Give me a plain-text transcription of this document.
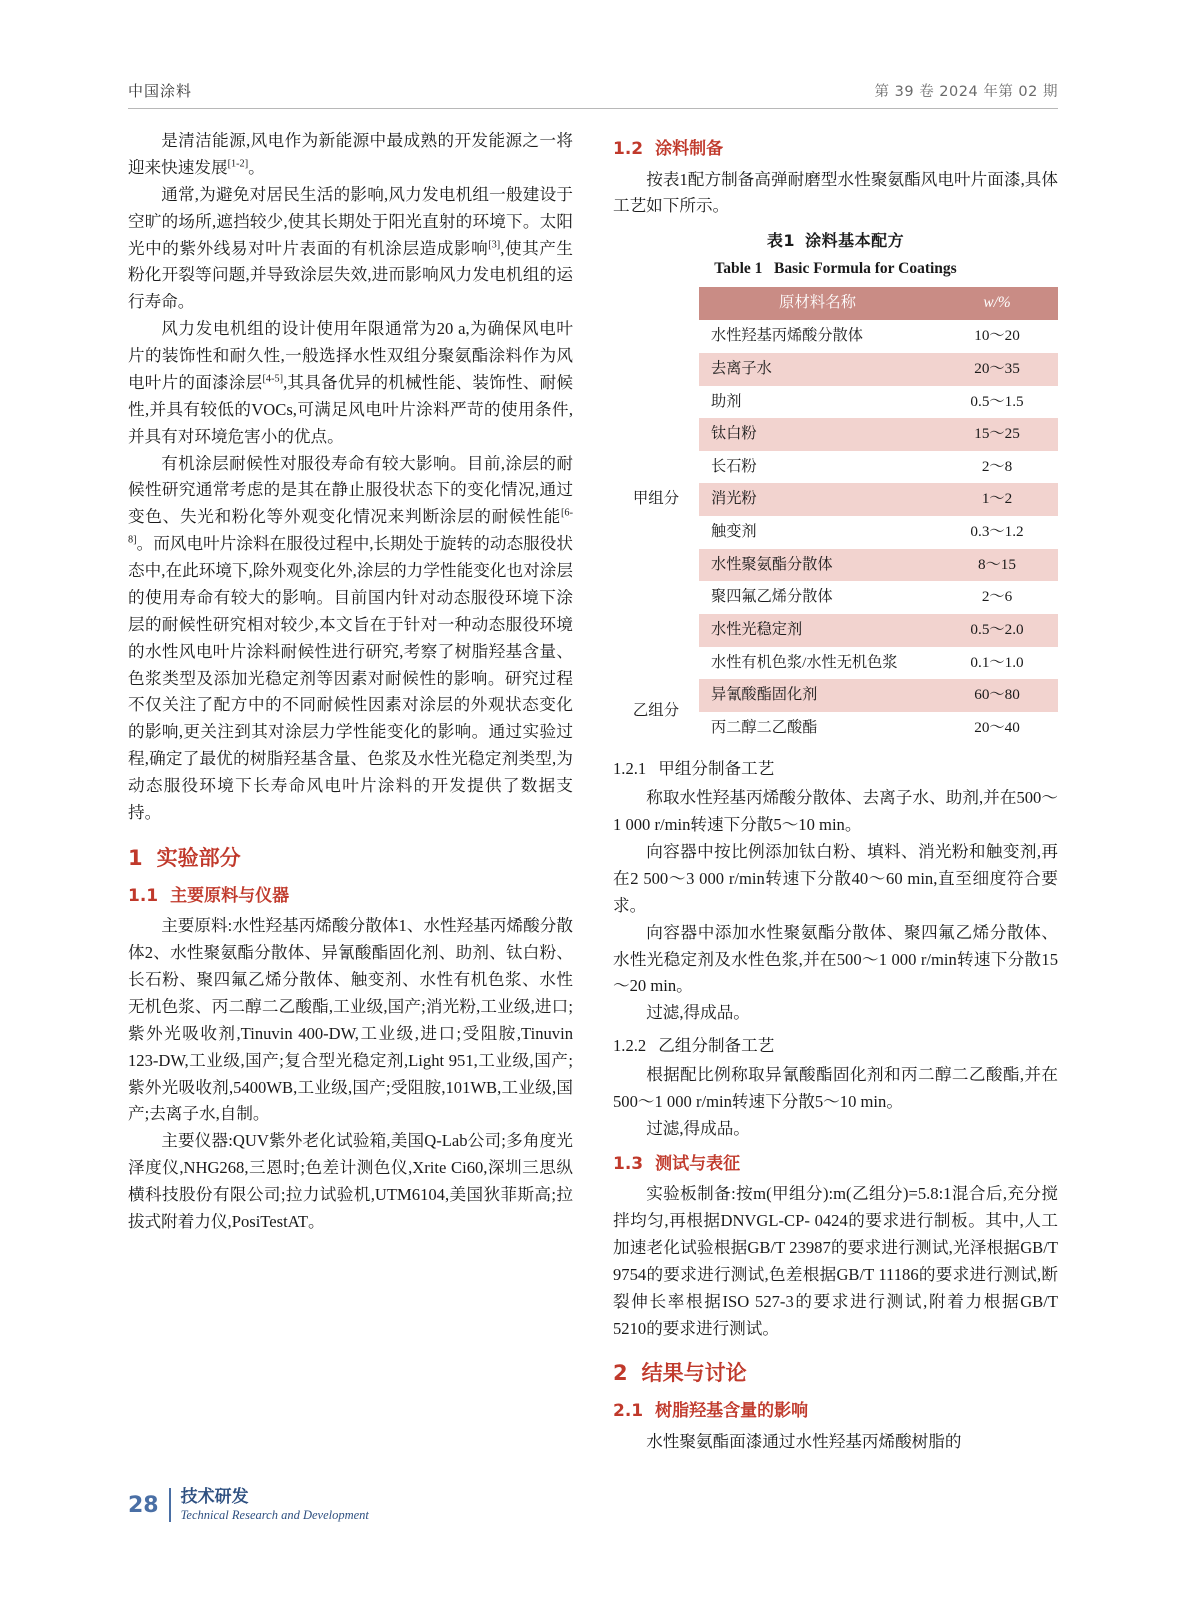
中国涂料	第 39 卷 2024 年第 02 期

是清洁能源,风电作为新能源中最成熟的开发能源之一将迎来快速发展[1-2]。

通常,为避免对居民生活的影响,风力发电机组一般建设于空旷的场所,遮挡较少,使其长期处于阳光直射的环境下。太阳光中的紫外线易对叶片表面的有机涂层造成影响[3],使其产生粉化开裂等问题,并导致涂层失效,进而影响风力发电机组的运行寿命。

风力发电机组的设计使用年限通常为20 a,为确保风电叶片的装饰性和耐久性,一般选择水性双组分聚氨酯涂料作为风电叶片的面漆涂层[4-5],其具备优异的机械性能、装饰性、耐候性,并具有较低的VOCs,可满足风电叶片涂料严苛的使用条件,并具有对环境危害小的优点。

有机涂层耐候性对服役寿命有较大影响。目前,涂层的耐候性研究通常考虑的是其在静止服役状态下的变化情况,通过变色、失光和粉化等外观变化情况来判断涂层的耐候性能[6-8]。而风电叶片涂料在服役过程中,长期处于旋转的动态服役状态中,在此环境下,除外观变化外,涂层的力学性能变化也对涂层的使用寿命有较大的影响。目前国内针对动态服役环境下涂层的耐候性研究相对较少,本文旨在于针对一种动态服役环境的水性风电叶片涂料耐候性进行研究,考察了树脂羟基含量、色浆类型及添加光稳定剂等因素对耐候性的影响。研究过程不仅关注了配方中的不同耐候性因素对涂层的外观状态变化的影响,更关注到其对涂层力学性能变化的影响。通过实验过程,确定了最优的树脂羟基含量、色浆及水性光稳定剂类型,为动态服役环境下长寿命风电叶片涂料的开发提供了数据支持。

1 实验部分
1.1 主要原料与仪器

主要原料:水性羟基丙烯酸分散体1、水性羟基丙烯酸分散体2、水性聚氨酯分散体、异氰酸酯固化剂、助剂、钛白粉、长石粉、聚四氟乙烯分散体、触变剂、水性有机色浆、水性无机色浆、丙二醇二乙酸酯,工业级,国产;消光粉,工业级,进口;紫外光吸收剂,Tinuvin 400-DW,工业级,进口;受阻胺,Tinuvin 123-DW,工业级,国产;复合型光稳定剂,Light 951,工业级,国产;紫外光吸收剂,5400WB,工业级,国产;受阻胺,101WB,工业级,国产;去离子水,自制。

主要仪器:QUV紫外老化试验箱,美国Q-Lab公司;多角度光泽度仪,NHG268,三恩时;色差计测色仪,Xrite Ci60,深圳三思纵横科技股份有限公司;拉力试验机,UTM6104,美国狄菲斯高;拉拔式附着力仪,PosiTestAT。

1.2 涂料制备

按表1配方制备高弹耐磨型水性聚氨酯风电叶片面漆,具体工艺如下所示。

表1 涂料基本配方
Table 1 Basic Formula for Coatings
	原材料名称	w/%
甲组分	水性羟基丙烯酸分散体	10～20
	去离子水	20～35
	助剂	0.5～1.5
	钛白粉	15～25
	长石粉	2～8
	消光粉	1～2
	触变剂	0.3～1.2
	水性聚氨酯分散体	8～15
	聚四氟乙烯分散体	2～6
	水性光稳定剂	0.5～2.0
	水性有机色浆/水性无机色浆	0.1～1.0
乙组分	异氰酸酯固化剂	60～80
	丙二醇二乙酸酯	20～40
1.2.1 甲组分制备工艺

称取水性羟基丙烯酸分散体、去离子水、助剂,并在500～1 000 r/min转速下分散5～10 min。

向容器中按比例添加钛白粉、填料、消光粉和触变剂,再在2 500～3 000 r/min转速下分散40～60 min,直至细度符合要求。

向容器中添加水性聚氨酯分散体、聚四氟乙烯分散体、水性光稳定剂及水性色浆,并在500～1 000 r/min转速下分散15～20 min。

过滤,得成品。

1.2.2 乙组分制备工艺

根据配比例称取异氰酸酯固化剂和丙二醇二乙酸酯,并在500～1 000 r/min转速下分散5～10 min。

过滤,得成品。

1.3 测试与表征

实验板制备:按m(甲组分):m(乙组分)=5.8:1混合后,充分搅拌均匀,再根据DNVGL-CP- 0424的要求进行制板。其中,人工加速老化试验根据GB/T 23987的要求进行测试,光泽根据GB/T 9754的要求进行测试,色差根据GB/T 11186的要求进行测试,断裂伸长率根据ISO 527-3的要求进行测试,附着力根据GB/T 5210的要求进行测试。

2 结果与讨论
2.1 树脂羟基含量的影响

水性聚氨酯面漆通过水性羟基丙烯酸树脂的

28 技术研发
Technical Research and Development
